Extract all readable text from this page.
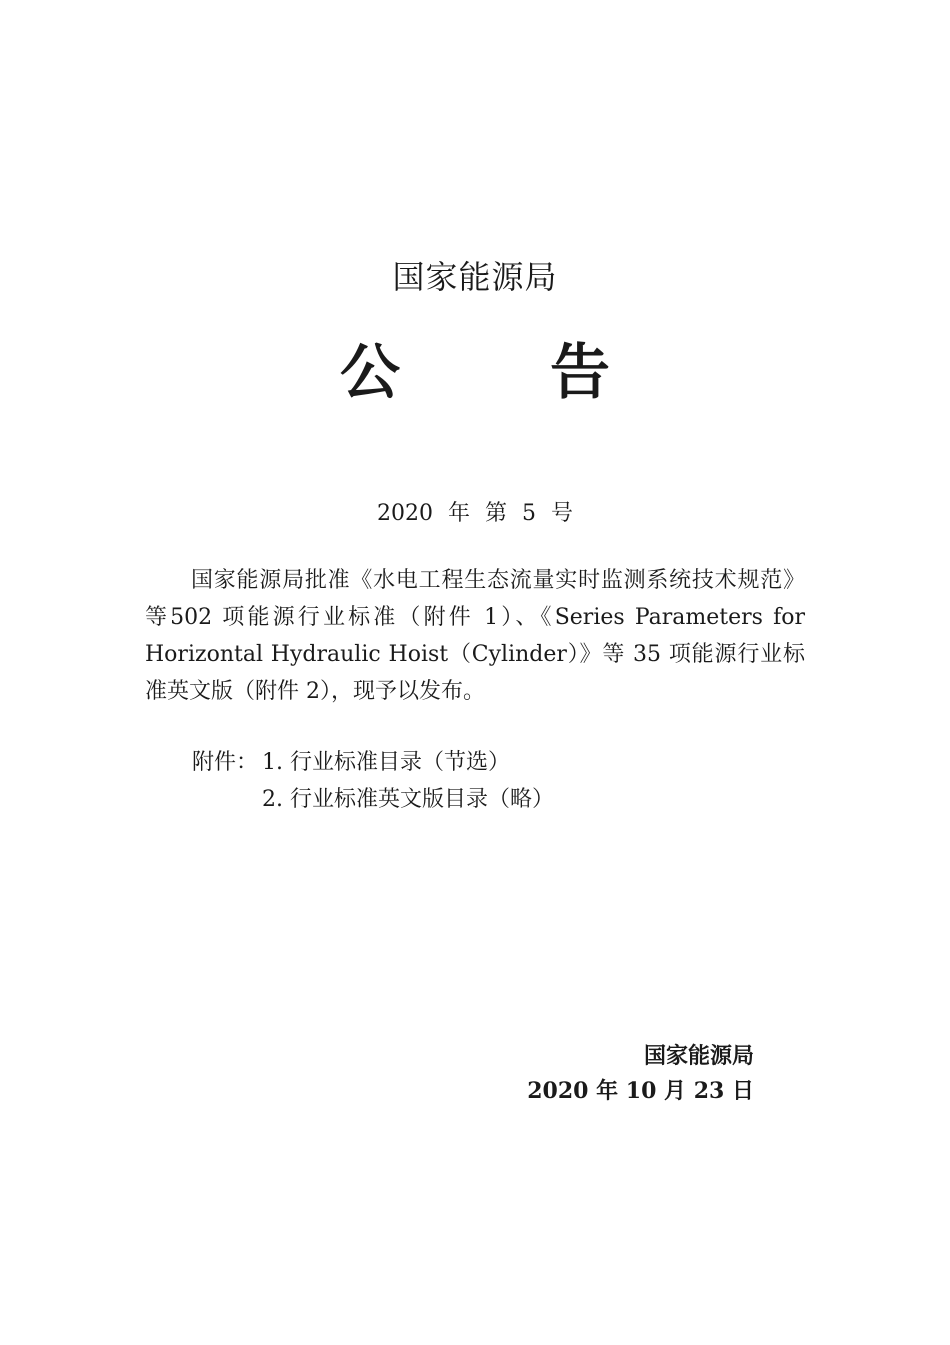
国家能源局
公	告
2020 年 第 5 号
国家能源局批准《水电工程生态流量实时监测系统技术规范》等502 项能源行业标准（附件 1）、《Series Parameters for Horizontal Hydraulic Hoist（Cylinder）》等 35 项能源行业标准英文版（附件 2），现予以发布。
附件： 1. 行业标准目录（节选）
2. 行业标准英文版目录（略）
国家能源局
2020 年 10 月 23 日
